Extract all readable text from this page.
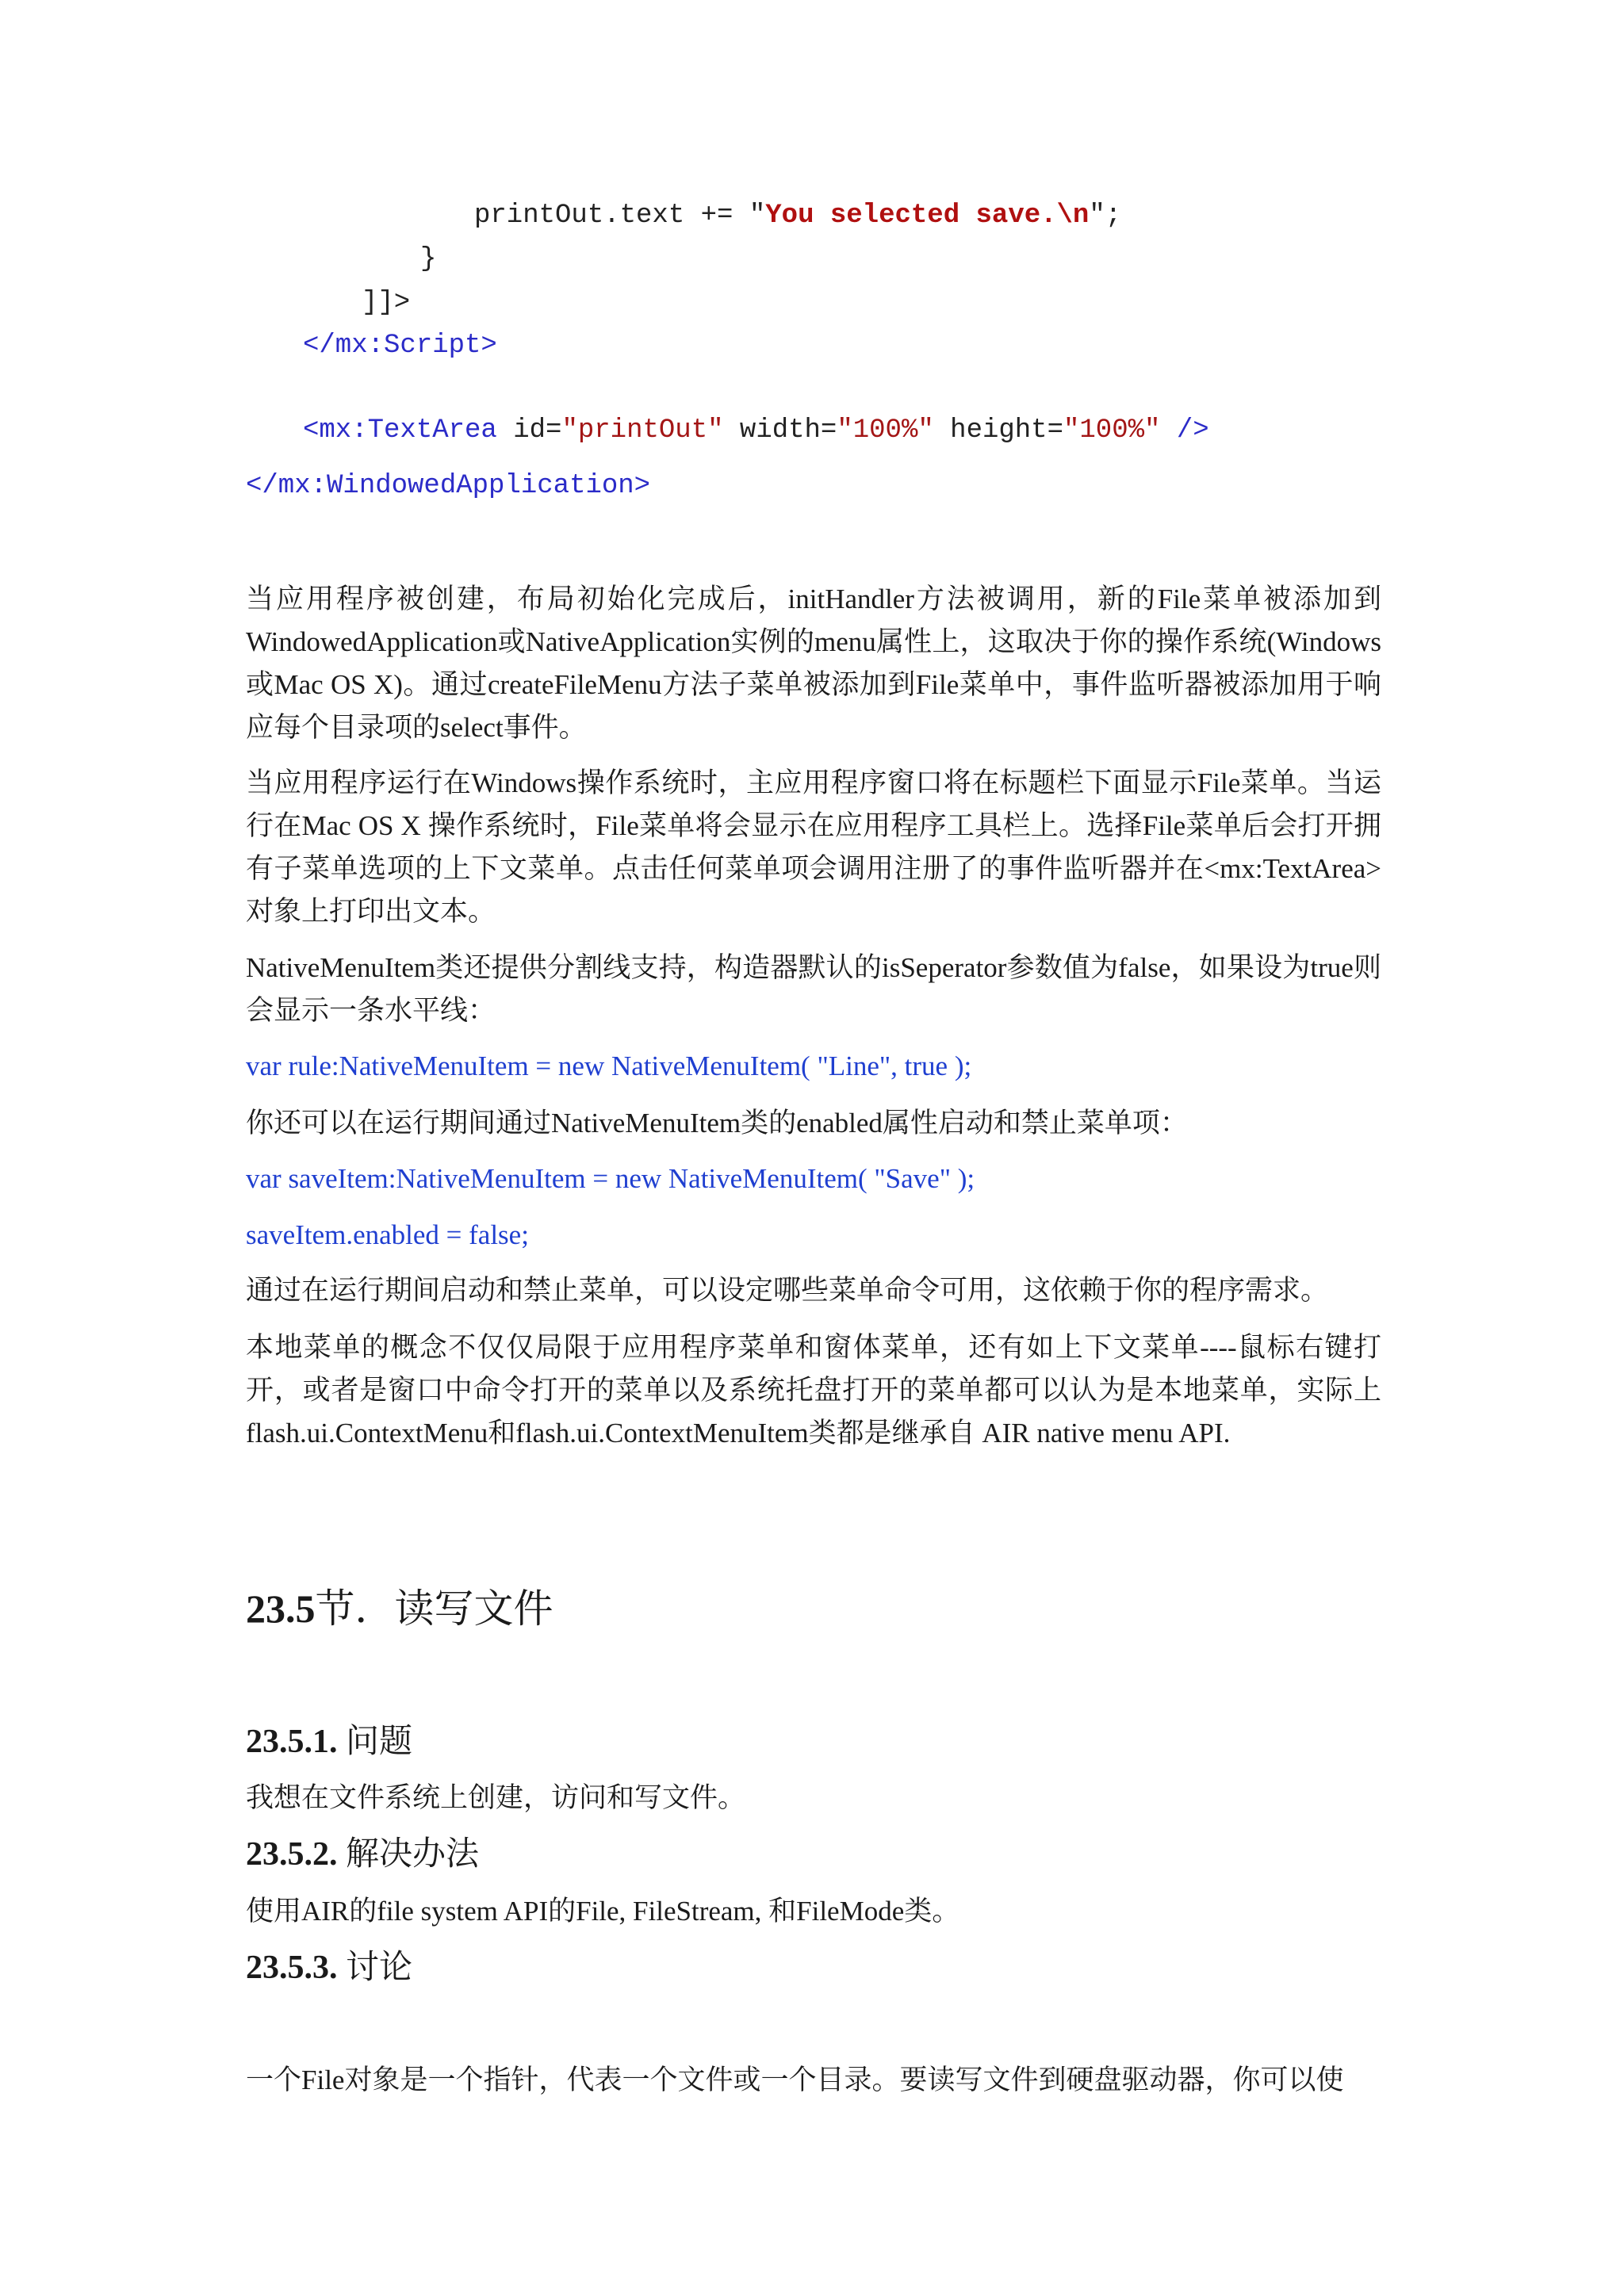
printOut.text += "You selected save.\n";
}
]]>
</mx:Script>
<mx:TextArea id="printOut" width="100%" height="100%" />
</mx:WindowedApplication>

当应用程序被创建，布局初始化完成后，initHandler方法被调用，新的File菜单被添加到WindowedApplication或NativeApplication实例的menu属性上，这取决于你的操作系统(Windows 或Mac OS X)。通过createFileMenu方法子菜单被添加到File菜单中，事件监听器被添加用于响应每个目录项的select事件。

当应用程序运行在Windows操作系统时，主应用程序窗口将在标题栏下面显示File菜单。当运行在Mac OS X 操作系统时，File菜单将会显示在应用程序工具栏上。选择File菜单后会打开拥有子菜单选项的上下文菜单。点击任何菜单项会调用注册了的事件监听器并在<mx:TextArea>对象上打印出文本。

NativeMenuItem类还提供分割线支持，构造器默认的isSeperator参数值为false，如果设为true则会显示一条水平线：

var rule:NativeMenuItem = new NativeMenuItem( "Line", true );

你还可以在运行期间通过NativeMenuItem类的enabled属性启动和禁止菜单项：

var saveItem:NativeMenuItem = new NativeMenuItem( "Save" );

saveItem.enabled = false;

通过在运行期间启动和禁止菜单，可以设定哪些菜单命令可用，这依赖于你的程序需求。

本地菜单的概念不仅仅局限于应用程序菜单和窗体菜单，还有如上下文菜单----鼠标右键打开，或者是窗口中命令打开的菜单以及系统托盘打开的菜单都可以认为是本地菜单，实际上flash.ui.ContextMenu和flash.ui.ContextMenuItem类都是继承自 AIR native menu API.

23.5节．读写文件
23.5.1. 问题

我想在文件系统上创建，访问和写文件。

23.5.2. 解决办法

使用AIR的file system API的File, FileStream, 和FileMode类。

23.5.3. 讨论

一个File对象是一个指针，代表一个文件或一个目录。要读写文件到硬盘驱动器，你可以使
